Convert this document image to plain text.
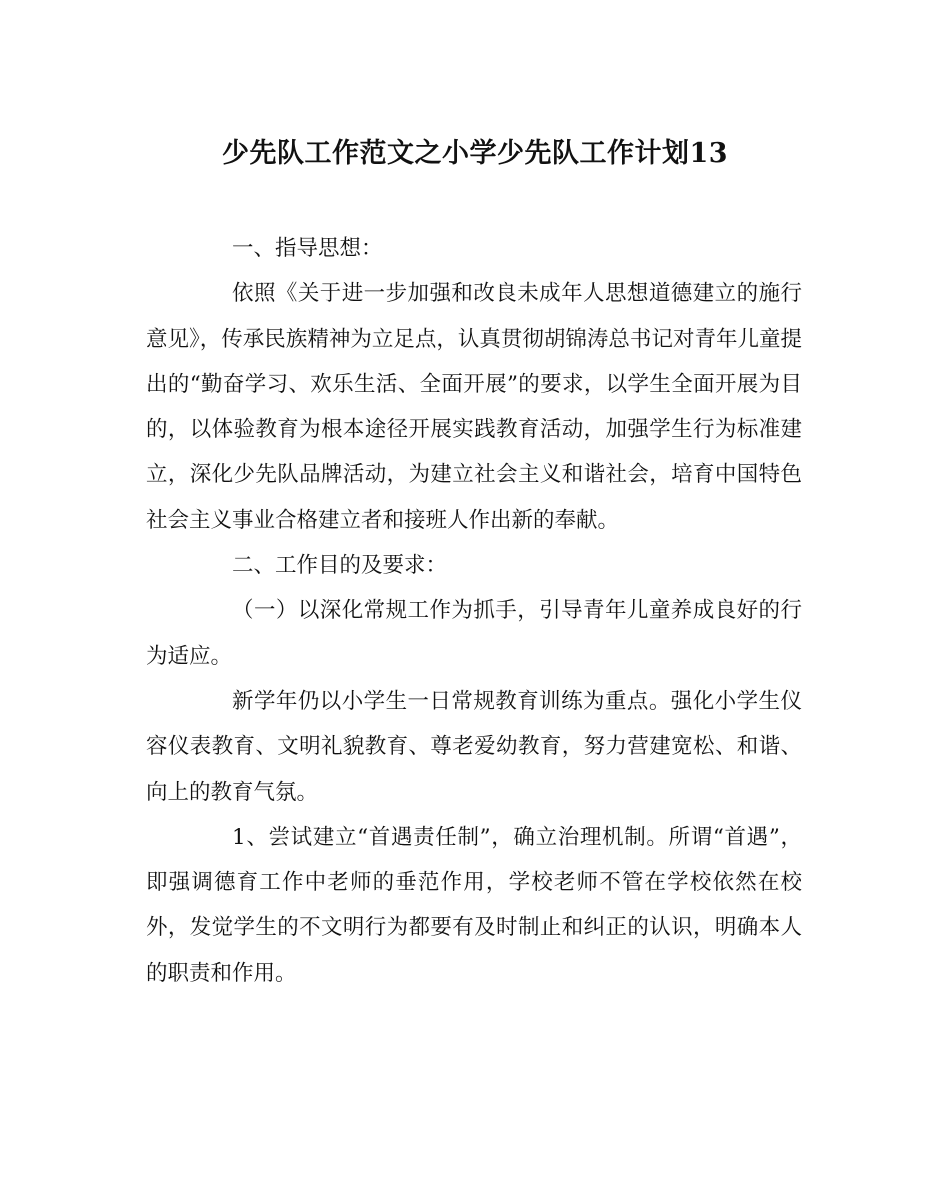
少先队工作范文之小学少先队工作计划13

一、指导思想：

依照《关于进一步加强和改良未成年人思想道德建立的施行意见》，传承民族精神为立足点，认真贯彻胡锦涛总书记对青年儿童提出的“勤奋学习、欢乐生活、全面开展”的要求，以学生全面开展为目的，以体验教育为根本途径开展实践教育活动，加强学生行为标准建立，深化少先队品牌活动，为建立社会主义和谐社会，培育中国特色社会主义事业合格建立者和接班人作出新的奉献。

二、工作目的及要求：

（一）以深化常规工作为抓手，引导青年儿童养成良好的行为适应。

新学年仍以小学生一日常规教育训练为重点。强化小学生仪容仪表教育、文明礼貌教育、尊老爱幼教育，努力营建宽松、和谐、向上的教育气氛。

1、尝试建立“首遇责任制”，确立治理机制。所谓“首遇”，即强调德育工作中老师的垂范作用，学校老师不管在学校依然在校外，发觉学生的不文明行为都要有及时制止和纠正的认识，明确本人的职责和作用。
